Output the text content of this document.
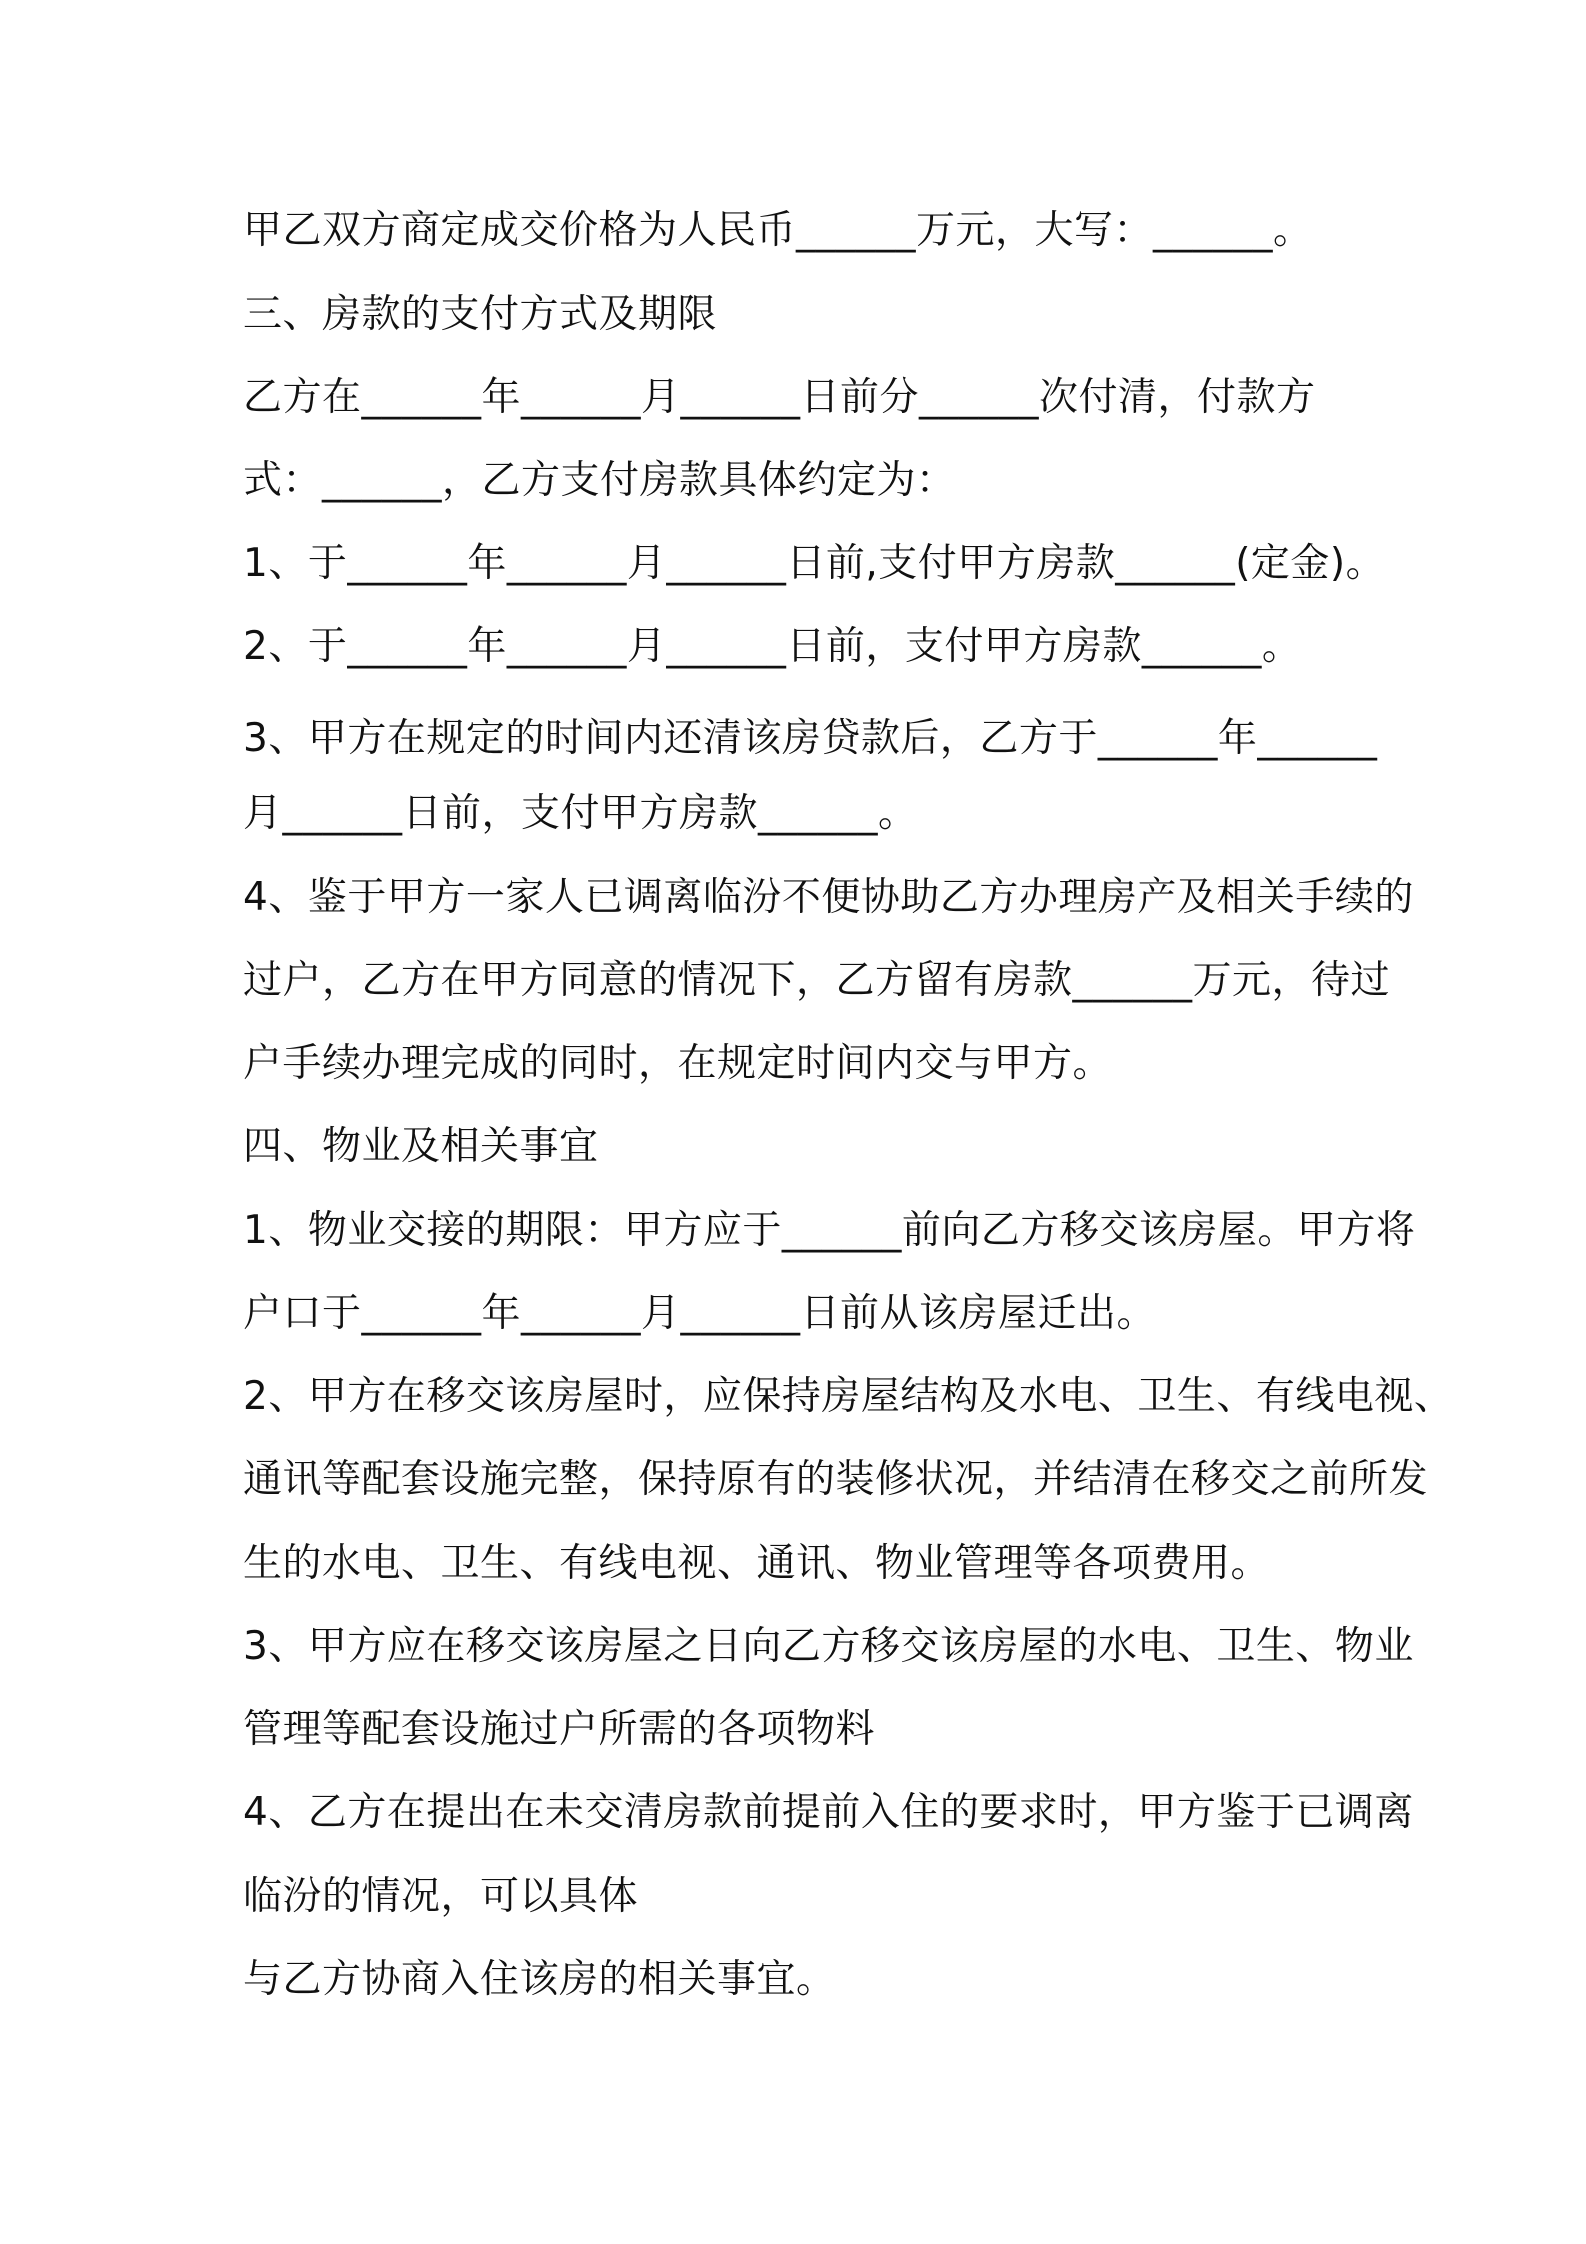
甲乙双方商定成交价格为人民币______万元，大写：______。
三、房款的支付方式及期限
乙方在______年______月______日前分______次付清，付款方
式：______，乙方支付房款具体约定为：
1、于______年______月______日前,支付甲方房款______(定金)。
2、于______年______月______日前，支付甲方房款______。
3、甲方在规定的时间内还清该房贷款后，乙方于______年______
月______日前，支付甲方房款______。
4、鉴于甲方一家人已调离临汾不便协助乙方办理房产及相关手续的
过户，乙方在甲方同意的情况下，乙方留有房款______万元，待过
户手续办理完成的同时，在规定时间内交与甲方。
四、物业及相关事宜
1、物业交接的期限：甲方应于______前向乙方移交该房屋。甲方将
户口于______年______月______日前从该房屋迁出。
2、甲方在移交该房屋时，应保持房屋结构及水电、卫生、有线电视、
通讯等配套设施完整，保持原有的装修状况，并结清在移交之前所发
生的水电、卫生、有线电视、通讯、物业管理等各项费用。
3、甲方应在移交该房屋之日向乙方移交该房屋的水电、卫生、物业
管理等配套设施过户所需的各项物料
4、乙方在提出在未交清房款前提前入住的要求时，甲方鉴于已调离
临汾的情况，可以具体
与乙方协商入住该房的相关事宜。
